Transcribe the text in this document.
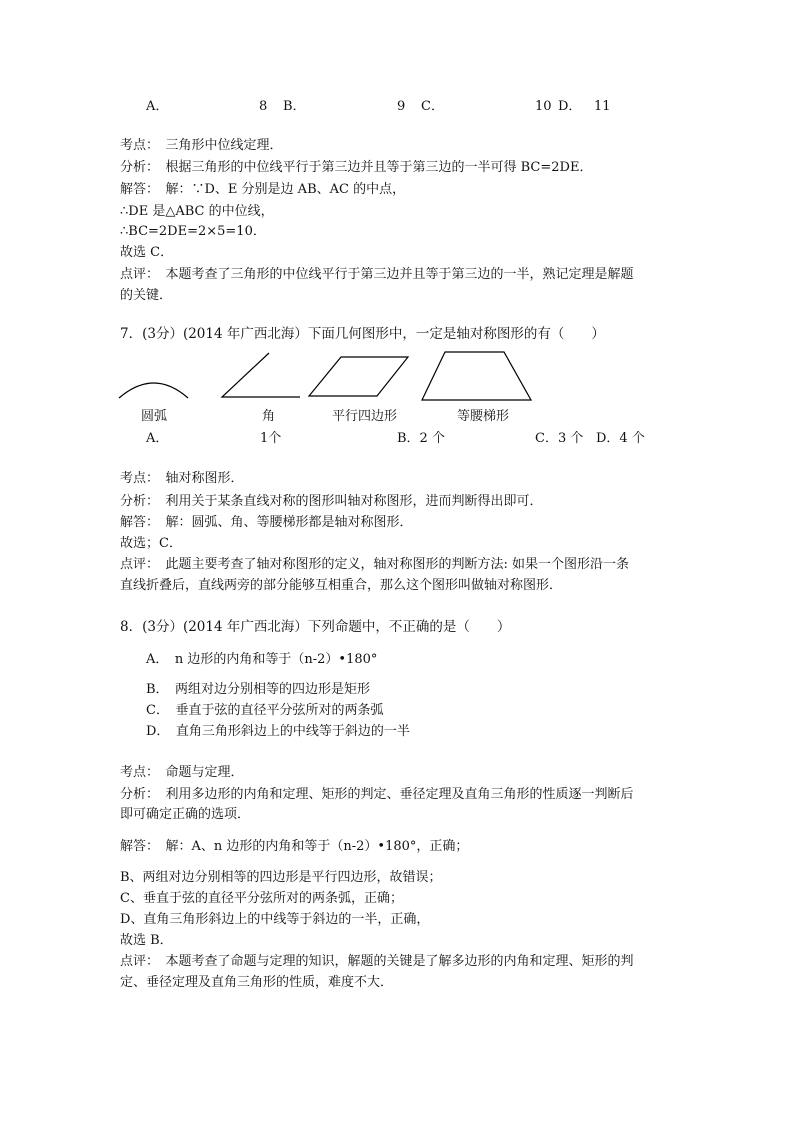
A．	8 B．	9 C．	10 D． 11
考点：　三角形中位线定理．
分析：　根据三角形的中位线平行于第三边并且等于第三边的一半可得 BC=2DE．
解答：　解：∵D、E 分别是边 AB、AC 的中点，
∴DE 是△ABC 的中位线，
∴BC=2DE=2×5=10．
故选 C．
点评：　本题考查了三角形的中位线平行于第三边并且等于第三边的一半，熟记定理是解题
的关键．
7．(3分）(2014 年广西北海）下面几何图形中，一定是轴对称图形的有（　　）
圆弧	角	平行四边形	等腰梯形
A．	1个	B．2 个	C．3 个 D．4 个
考点：　轴对称图形．
分析：　利用关于某条直线对称的图形叫轴对称图形，进而判断得出即可．
解答：　解：圆弧、角、等腰梯形都是轴对称图形．
故选；C．
点评：　此题主要考查了轴对称图形的定义，轴对称图形的判断方法: 如果一个图形沿一条
直线折叠后，直线两旁的部分能够互相重合，那么这个图形叫做轴对称图形．
8．(3分）(2014 年广西北海）下列命题中，不正确的是（　　）
A．　n 边形的内角和等于（n-2）•180°
B．　两组对边分别相等的四边形是矩形
C．　垂直于弦的直径平分弦所对的两条弧
D．　直角三角形斜边上的中线等于斜边的一半
考点：　命题与定理．
分析：　利用多边形的内角和定理、矩形的判定、垂径定理及直角三角形的性质逐一判断后
即可确定正确的选项．
解答：　解：A、n 边形的内角和等于（n-2）•180°，正确；
B、两组对边分别相等的四边形是平行四边形，故错误；
C、垂直于弦的直径平分弦所对的两条弧，正确；
D、直角三角形斜边上的中线等于斜边的一半，正确，
故选 B．
点评：　本题考查了命题与定理的知识，解题的关键是了解多边形的内角和定理、矩形的判
定、垂径定理及直角三角形的性质，难度不大．
